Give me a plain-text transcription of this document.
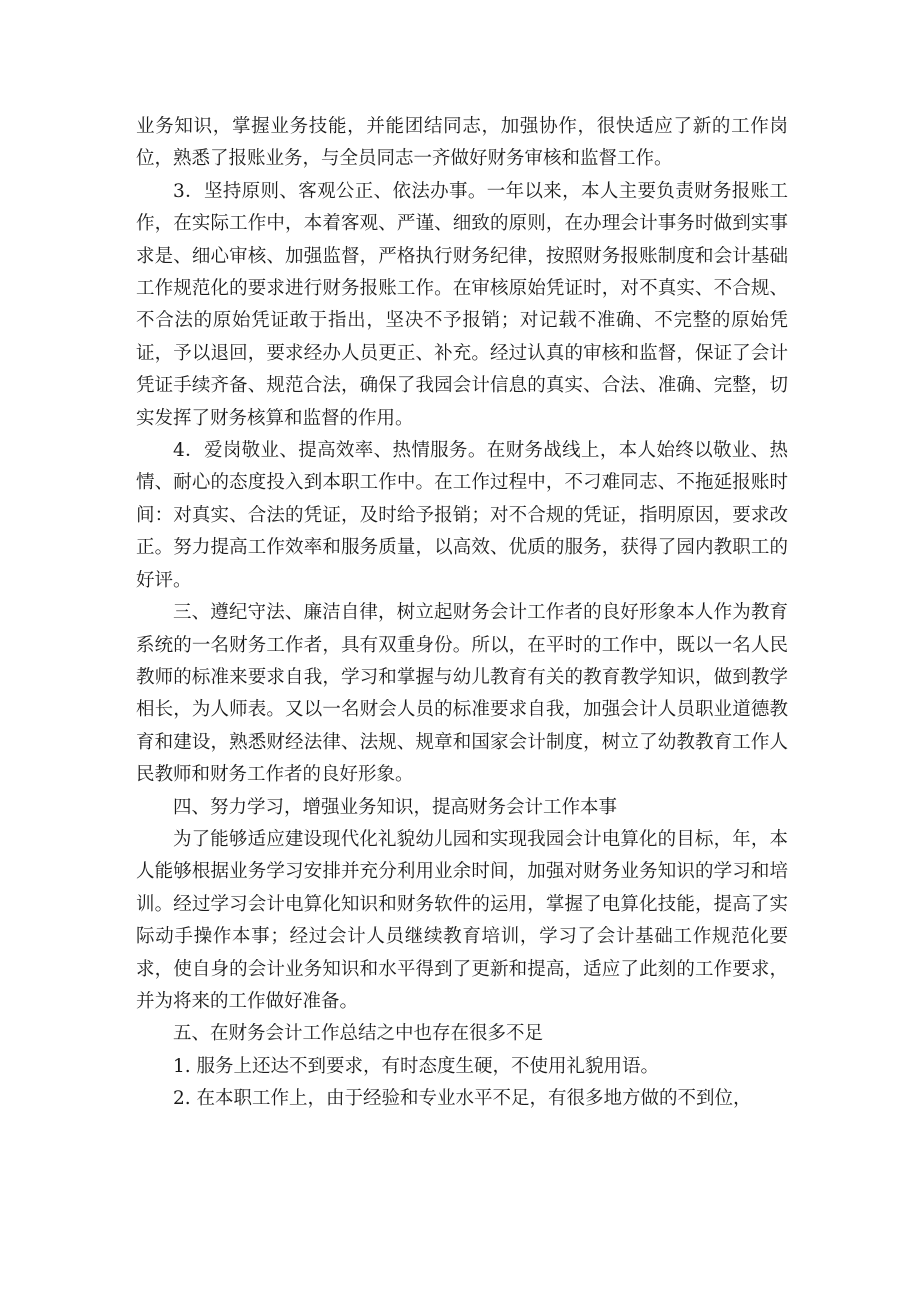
业务知识，掌握业务技能，并能团结同志，加强协作，很快适应了新的工作岗位，熟悉了报账业务，与全员同志一齐做好财务审核和监督工作。

3．坚持原则、客观公正、依法办事。一年以来，本人主要负责财务报账工作，在实际工作中，本着客观、严谨、细致的原则，在办理会计事务时做到实事求是、细心审核、加强监督，严格执行财务纪律，按照财务报账制度和会计基础工作规范化的要求进行财务报账工作。在审核原始凭证时，对不真实、不合规、不合法的原始凭证敢于指出，坚决不予报销；对记载不准确、不完整的原始凭证，予以退回，要求经办人员更正、补充。经过认真的审核和监督，保证了会计凭证手续齐备、规范合法，确保了我园会计信息的真实、合法、准确、完整，切实发挥了财务核算和监督的作用。

4．爱岗敬业、提高效率、热情服务。在财务战线上，本人始终以敬业、热情、耐心的态度投入到本职工作中。在工作过程中，不刁难同志、不拖延报账时间：对真实、合法的凭证，及时给予报销；对不合规的凭证，指明原因，要求改正。努力提高工作效率和服务质量，以高效、优质的服务，获得了园内教职工的好评。

三、遵纪守法、廉洁自律，树立起财务会计工作者的良好形象本人作为教育系统的一名财务工作者，具有双重身份。所以，在平时的工作中，既以一名人民教师的标准来要求自我，学习和掌握与幼儿教育有关的教育教学知识，做到教学相长，为人师表。又以一名财会人员的标准要求自我，加强会计人员职业道德教育和建设，熟悉财经法律、法规、规章和国家会计制度，树立了幼教教育工作人民教师和财务工作者的良好形象。

四、努力学习，增强业务知识，提高财务会计工作本事

为了能够适应建设现代化礼貌幼儿园和实现我园会计电算化的目标，年，本人能够根据业务学习安排并充分利用业余时间，加强对财务业务知识的学习和培训。经过学习会计电算化知识和财务软件的运用，掌握了电算化技能，提高了实际动手操作本事；经过会计人员继续教育培训，学习了会计基础工作规范化要求，使自身的会计业务知识和水平得到了更新和提高，适应了此刻的工作要求，并为将来的工作做好准备。

五、在财务会计工作总结之中也存在很多不足

1. 服务上还达不到要求，有时态度生硬，不使用礼貌用语。

2. 在本职工作上，由于经验和专业水平不足，有很多地方做的不到位，
